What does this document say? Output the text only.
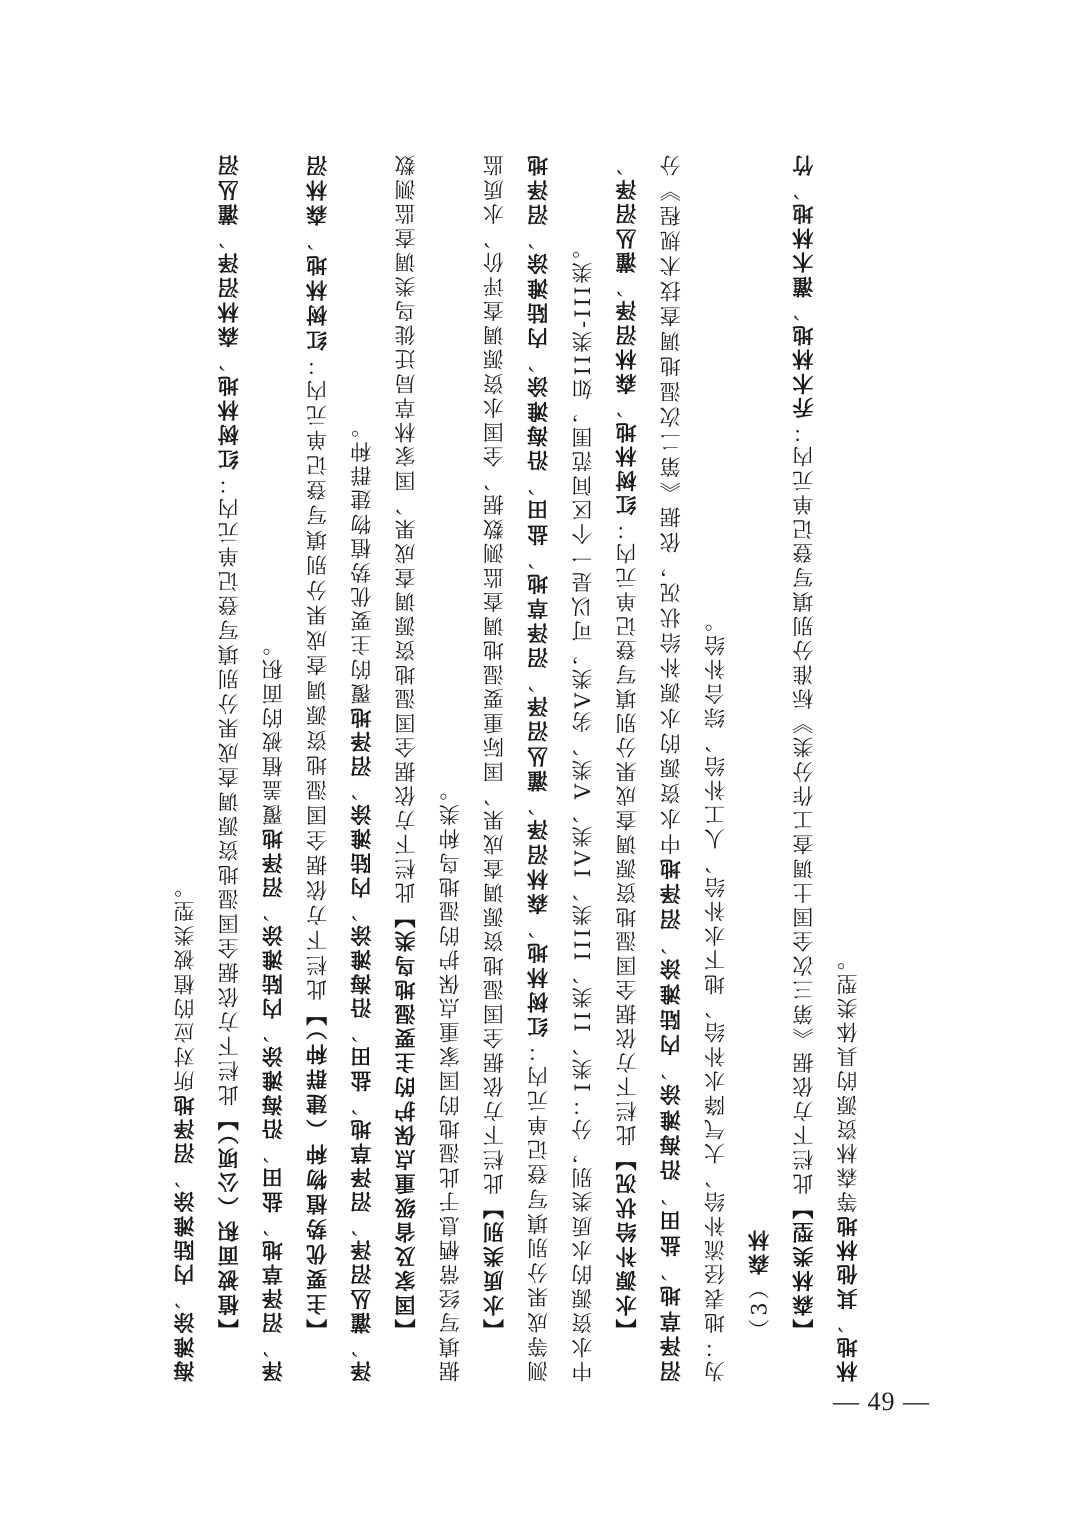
海滩涂、内陆滩涂、沼泽地所对应的植被类型。

【植被面积（公顷）】此栏下方依据全国湿地资源调查成果分别填写登记单元内：红树林地、森林沼泽、灌丛沼泽、沼泽草地、盐田、沿海滩涂、内陆滩涂、沼泽地覆盖植被的面积。

【主要优势植物种（建群种）】此栏下方依据全国湿地资源调查成果分别填写登记单元内：红树林地、森林沼泽、灌丛沼泽、沼泽草地、盐田、沿海滩涂、内陆滩涂、沼泽地覆的主要优势植物建群种。

【国家及省级重点保护的主要湿地鸟类】此栏下方依据全国湿地资源调查成果、国家林草局迁徙鸟类调查监测数据填写经常栖息于此湿地的国家重点保护的湿地鸟种类。 【水质类别】此栏下方依据全国湿地资源调查成果、国际重要湿地调查监测数据、全国水资源调查评价、水质监测等成果分别填写登记单元内：红树林地、森林沼泽、灌丛沼泽、沼泽草地、盐田、沿海滩涂、内陆滩涂、沼泽地中水资源的水质类别，分：I类、II类、III类、IV类、V类、劣V类，可以是一个区间范围，如II类-III类。 【水源补给状况】此栏下方依据全国湿地资源调查成果分别填写登记单元内：红树林地、森林沼泽、灌丛沼泽、沼泽草地、盐田、沿海滩涂、内陆滩涂、沼泽地中水资源的水源补给状况，依据《第二次湿地调查技术规程》分为：地表径流补给、大气降水补给、地下水补给、人工补给、综合补给。 （3）森林 【森林类型】此栏下方依据《第三次全国土调查工作分类》标准分别填写登记单元内：乔木林地、灌木林地、竹林地、其他林地等森林资源的具体类型。

— 49 —
